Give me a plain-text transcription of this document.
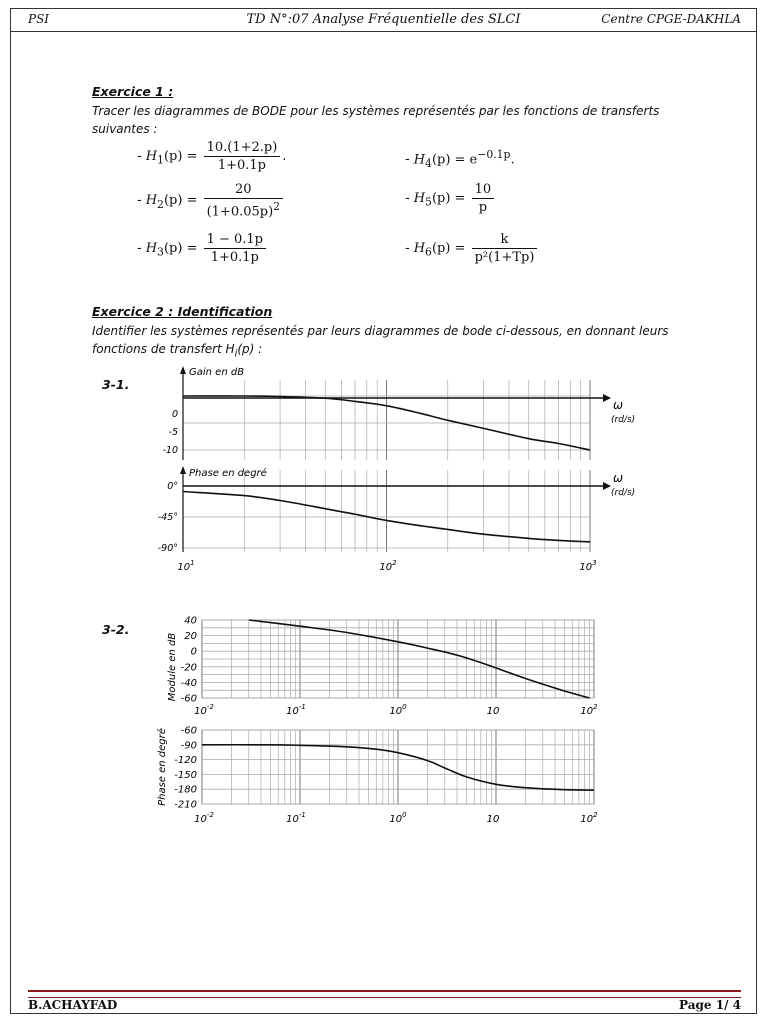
PSI	TD N°:07 Analyse Fréquentielle des SLCI	Centre CPGE-DAKHLA
Exercice 1 :
Tracer les diagrammes de BODE pour les systèmes représentés par les fonctions de transferts suivantes :
- $H_1(p) = \frac{10.(1+2.p)}{1+0.1p}$ .
- $H_2(p) = \frac{20}{(1+0.05p)^2}$
- $H_3(p) = \frac{1 - 0.1p}{1+0.1p}$
- $H_4(p) = e^{-0.1p}$.
- $H_5(p) = \frac{10}{p}$
- $H_6(p) = \frac{k}{\text{p²(1+Tp)}}$
Exercice 2 : Identification
Identifier les systèmes représentés par leurs diagrammes de bode ci-dessous, en donnant leurs fonctions de transfert $H_i(p)$ :
3-1.
3-2.
Gain en dB
0
-5
-10
ω
(rd/s)
Phase en degré
0°
-45°
-90°
ω
(rd/s)
$10^1$	$10^2$	$10^3$
40
20
0
-20
-40
-60
Module en dB
$10^{-2}$	$10^{-1}$	$10^0$	10	$10^2$
-60
-90
-120
-150
-180
-210
Phase en degré
$10^{-2}$	$10^{-1}$	$10^0$	10	$10^2$
B.ACHAYFAD	Page 1/ 4
